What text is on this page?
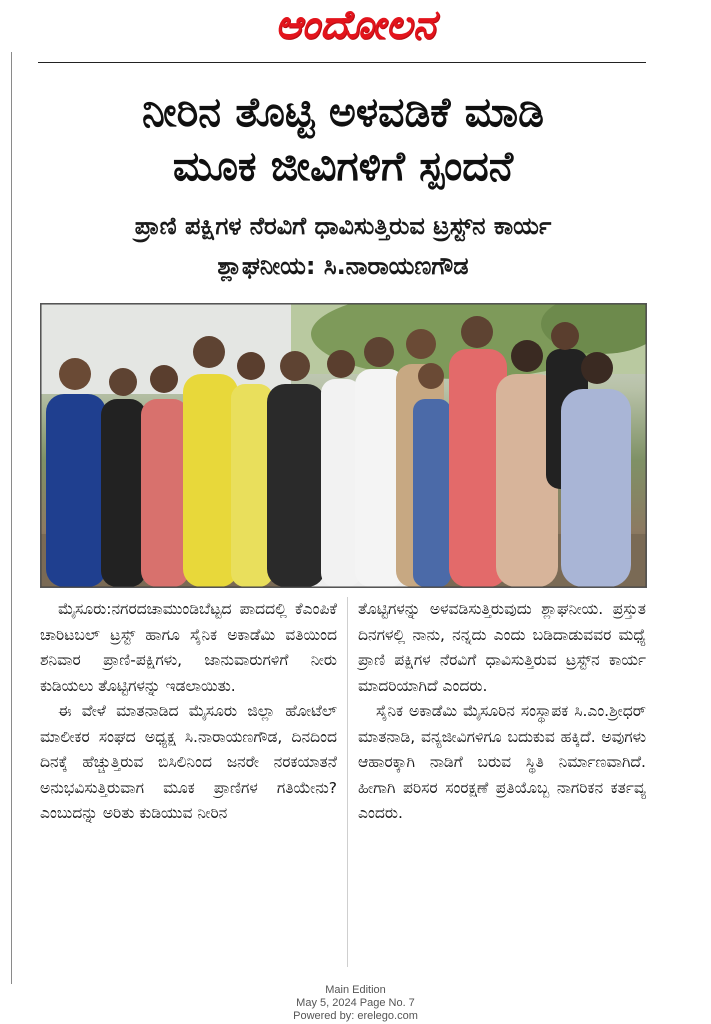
ಆಂದೋಲನ
ನೀರಿನ ತೊಟ್ಟಿ ಅಳವಡಿಕೆ ಮಾಡಿ
ಮೂಕ ಜೀವಿಗಳಿಗೆ ಸ್ಪಂದನೆ
ಪ್ರಾಣಿ ಪಕ್ಷಿಗಳ ನೆರವಿಗೆ ಧಾವಿಸುತ್ತಿರುವ ಟ್ರಸ್ಟ್‌ನ ಕಾರ್ಯ
ಶ್ಲಾಘನೀಯ: ಸಿ.ನಾರಾಯಣಗೌಡ

ಮೈಸೂರು:ನಗರದಚಾಮುಂಡಿಬೆಟ್ಟದ ಪಾದದಲ್ಲಿ ಕೆಎಂಪಿಕೆ ಚಾರಿಟಬಲ್ ಟ್ರಸ್ಟ್ ಹಾಗೂ ಸೈನಿಕ ಅಕಾಡೆಮಿ ವತಿಯಿಂದ ಶನಿವಾರ ಪ್ರಾಣಿ-ಪಕ್ಷಿಗಳು, ಜಾನುವಾರುಗಳಿಗೆ ನೀರು ಕುಡಿಯಲು ತೊಟ್ಟಿಗಳನ್ನು ಇಡಲಾಯಿತು.

ಈ ವೇಳೆ ಮಾತನಾಡಿದ ಮೈಸೂರು ಜಿಲ್ಲಾ ಹೋಟೆಲ್ ಮಾಲೀಕರ ಸಂಘದ ಅಧ್ಯಕ್ಷ ಸಿ.ನಾರಾಯಣಗೌಡ, ದಿನದಿಂದ ದಿನಕ್ಕೆ ಹೆಚ್ಚುತ್ತಿರುವ ಬಿಸಿಲಿನಿಂದ ಜನರೇ ನರಕಯಾತನೆ ಅನುಭವಿಸುತ್ತಿರುವಾಗ ಮೂಕ ಪ್ರಾಣಿಗಳ ಗತಿಯೇನು? ಎಂಬುದನ್ನು ಅರಿತು ಕುಡಿಯುವ ನೀರಿನ

ತೊಟ್ಟಿಗಳನ್ನು ಅಳವಡಿಸುತ್ತಿರುವುದು ಶ್ಲಾಘನೀಯ. ಪ್ರಸ್ತುತ ದಿನಗಳಲ್ಲಿ ನಾನು, ನನ್ನದು ಎಂದು ಬಡಿದಾಡುವವರ ಮಧ್ಯೆ ಪ್ರಾಣಿ ಪಕ್ಷಿಗಳ ನೆರವಿಗೆ ಧಾವಿಸುತ್ತಿರುವ ಟ್ರಸ್ಟ್‌ನ ಕಾರ್ಯ ಮಾದರಿಯಾಗಿದೆ ಎಂದರು.

ಸೈನಿಕ ಅಕಾಡೆಮಿ ಮೈಸೂರಿನ ಸಂಸ್ಥಾಪಕ ಸಿ.ಎಂ.ಶ್ರೀಧರ್ ಮಾತನಾಡಿ, ವನ್ಯಜೀವಿಗಳಿಗೂ ಬದುಕುವ ಹಕ್ಕಿದೆ. ಅವುಗಳು ಆಹಾರಕ್ಕಾಗಿ ನಾಡಿಗೆ ಬರುವ ಸ್ಥಿತಿ ನಿರ್ಮಾಣವಾಗಿದೆ. ಹೀಗಾಗಿ ಪರಿಸರ ಸಂರಕ್ಷಣೆ ಪ್ರತಿಯೊಬ್ಬ ನಾಗರಿಕನ ಕರ್ತವ್ಯ ಎಂದರು.

Main Edition
May 5, 2024 Page No. 7
Powered by: erelego.com
